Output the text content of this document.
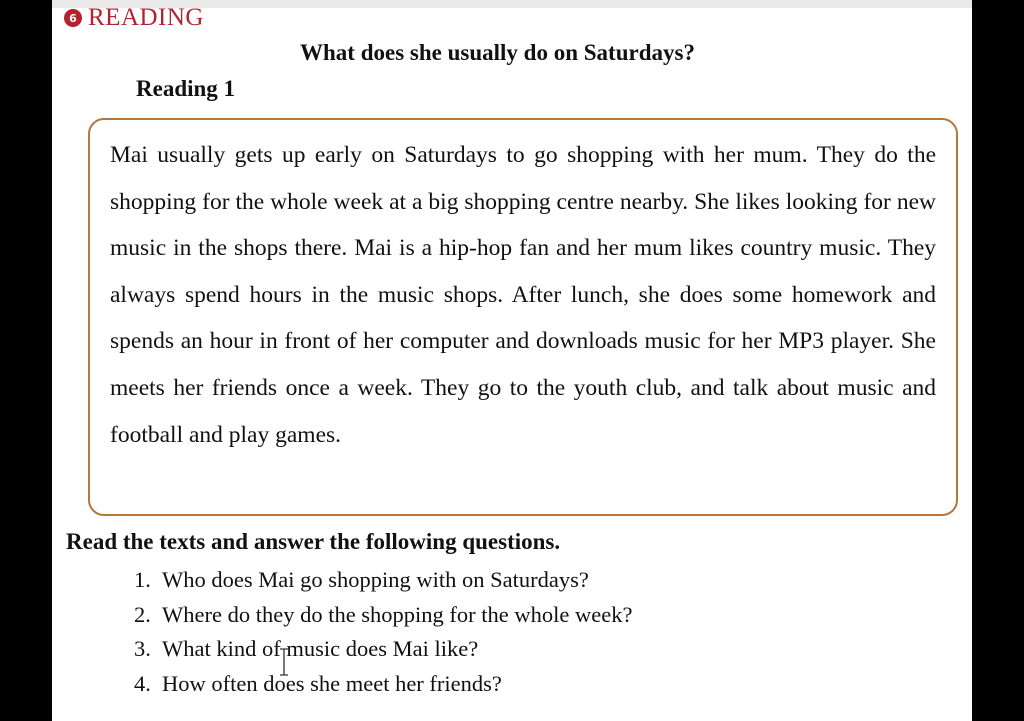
6 READING
What does she usually do on Saturdays?
Reading 1

Mai usually gets up early on Saturdays to go shopping with her mum. They do the shopping for the whole week at a big shopping centre nearby. She likes looking for new music in the shops there. Mai is a hip-hop fan and her mum likes country music. They always spend hours in the music shops. After lunch, she does some homework and spends an hour in front of her computer and downloads music for her MP3 player. She meets her friends once a week. They go to the youth club, and talk about music and football and play games.

Read the texts and answer the following questions.
1. Who does Mai go shopping with on Saturdays?
2. Where do they do the shopping for the whole week?
3. What kind of music does Mai like?
4. How often does she meet her friends?
